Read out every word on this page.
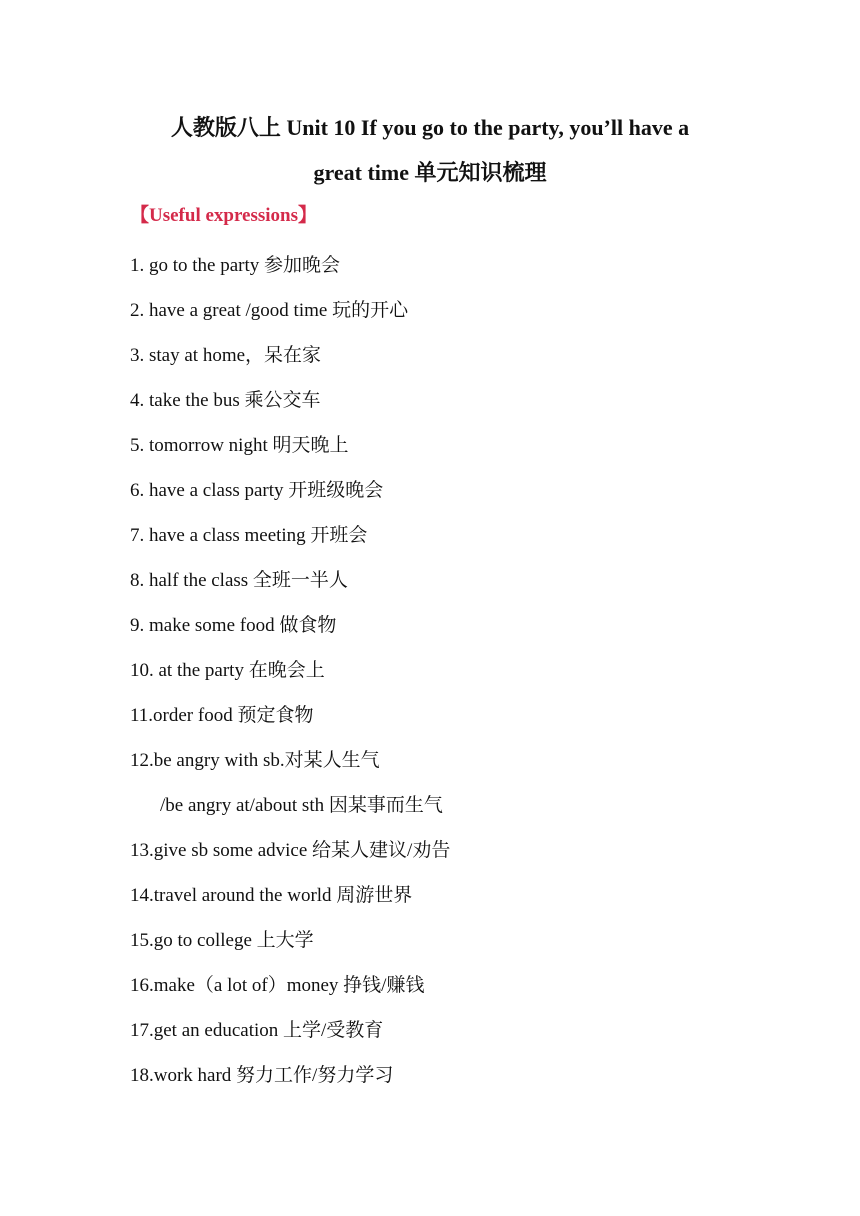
人教版八上 Unit 10 If you go to the party, you’ll have a
great time 单元知识梳理
【Useful expressions】
1. go to the party 参加晚会
2. have a great /good time 玩的开心
3. stay at home，呆在家
4. take the bus 乘公交车
5. tomorrow night 明天晚上
6. have a class party 开班级晚会
7. have a class meeting 开班会
8. half the class 全班一半人
9. make some food 做食物
10. at the party 在晚会上
11.order food 预定食物
12.be angry with sb.对某人生气
/be angry at/about sth 因某事而生气
13.give sb some advice 给某人建议/劝告
14.travel around the world 周游世界
15.go to college 上大学
16.make（a lot of）money 挣钱/赚钱
17.get an education 上学/受教育
18.work hard 努力工作/努力学习
